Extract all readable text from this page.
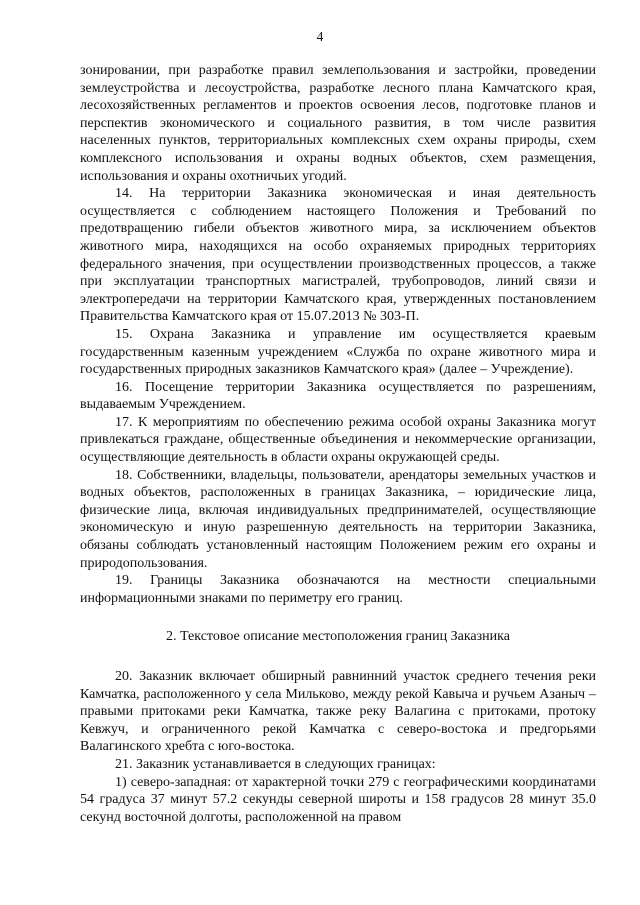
4

зонировании, при разработке правил землепользования и застройки, проведении землеустройства и лесоустройства, разработке лесного плана Камчатского края, лесохозяйственных регламентов и проектов освоения лесов, подготовке планов и перспектив экономического и социального развития, в том числе развития населенных пунктов, территориальных комплексных схем охраны природы, схем комплексного использования и охраны водных объектов, схем размещения, использования и охраны охотничьих угодий.

14. На территории Заказника экономическая и иная деятельность осуществляется с соблюдением настоящего Положения и Требований по предотвращению гибели объектов животного мира, за исключением объектов животного мира, находящихся на особо охраняемых природных территориях федерального значения, при осуществлении производственных процессов, а также при эксплуатации транспортных магистралей, трубопроводов, линий связи и электропередачи на территории Камчатского края, утвержденных постановлением Правительства Камчатского края от 15.07.2013 № 303-П.

15. Охрана Заказника и управление им осуществляется краевым государственным казенным учреждением «Служба по охране животного мира и государственных природных заказников Камчатского края» (далее – Учреждение).

16. Посещение территории Заказника осуществляется по разрешениям, выдаваемым Учреждением.

17. К мероприятиям по обеспечению режима особой охраны Заказника могут привлекаться граждане, общественные объединения и некоммерческие организации, осуществляющие деятельность в области охраны окружающей среды.

18. Собственники, владельцы, пользователи, арендаторы земельных участков и водных объектов, расположенных в границах Заказника, – юридические лица, физические лица, включая индивидуальных предпринимателей, осуществляющие экономическую и иную разрешенную деятельность на территории Заказника, обязаны соблюдать установленный настоящим Положением режим его охраны и природопользования.

19. Границы Заказника обозначаются на местности специальными информационными знаками по периметру его границ.

2. Текстовое описание местоположения границ Заказника

20. Заказник включает обширный равнинний участок среднего течения реки Камчатка, расположенного у села Мильково, между рекой Кавыча и ручьем Азаныч – правыми притоками реки Камчатка, также реку Валагина с притоками, протоку Кевжуч, и ограниченного рекой Камчатка с северо-востока и предгорьями Валагинского хребта с юго-востока.

21. Заказник устанавливается в следующих границах:

1) северо-западная: от характерной точки 279 с географическими координатами 54 градуса 37 минут 57.2 секунды северной широты и 158 градусов 28 минут 35.0 секунд восточной долготы, расположенной на правом
